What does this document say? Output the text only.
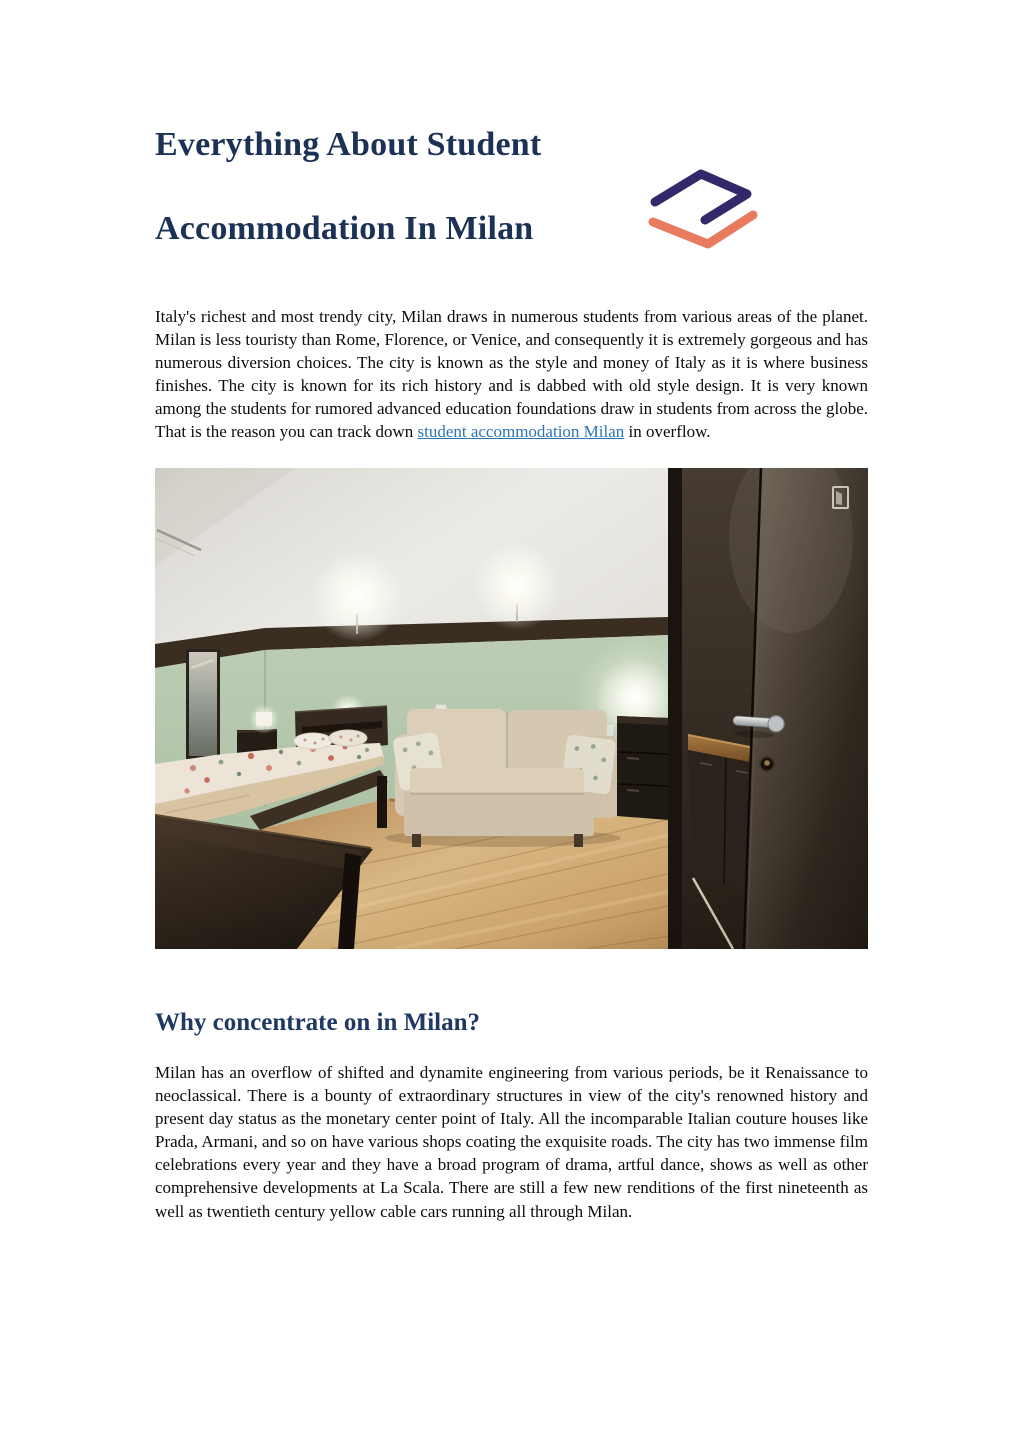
Everything About Student
Accommodation In Milan

Italy's richest and most trendy city, Milan draws in numerous students from various areas of the planet. Milan is less touristy than Rome, Florence, or Venice, and consequently it is extremely gorgeous and has numerous diversion choices. The city is known as the style and money of Italy as it is where business finishes. The city is known for its rich history and is dabbed with old style design. It is very known among the students for rumored advanced education foundations draw in students from across the globe. That is the reason you can track down student accommodation Milan in overflow.

Why concentrate on in Milan?

Milan has an overflow of shifted and dynamite engineering from various periods, be it Renaissance to neoclassical. There is a bounty of extraordinary structures in view of the city's renowned history and present day status as the monetary center point of Italy. All the incomparable Italian couture houses like Prada, Armani, and so on have various shops coating the exquisite roads. The city has two immense film celebrations every year and they have a broad program of drama, artful dance, shows as well as other comprehensive developments at La Scala. There are still a few new renditions of the first nineteenth as well as twentieth century yellow cable cars running all through Milan.
